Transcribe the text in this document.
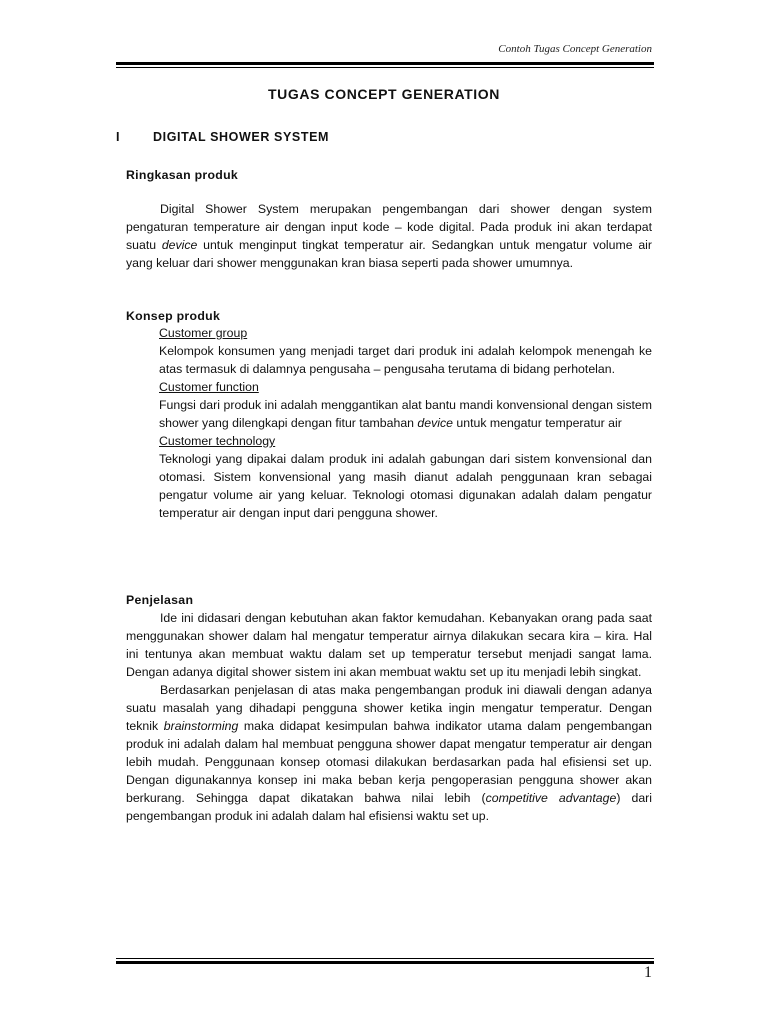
Contoh Tugas Concept Generation
TUGAS CONCEPT GENERATION
I	DIGITAL SHOWER SYSTEM
Ringkasan produk

Digital Shower System merupakan pengembangan dari shower dengan system pengaturan temperature air dengan input kode – kode digital. Pada produk ini akan terdapat suatu device untuk menginput tingkat temperatur air. Sedangkan untuk mengatur volume air yang keluar dari shower menggunakan kran biasa seperti pada shower umumnya.

Konsep produk
Customer group

Kelompok konsumen yang menjadi target dari produk ini adalah kelompok menengah ke atas termasuk di dalamnya pengusaha – pengusaha terutama di bidang perhotelan.

Customer function

Fungsi dari produk ini adalah menggantikan alat bantu mandi konvensional dengan sistem shower yang dilengkapi dengan fitur tambahan device untuk mengatur temperatur air

Customer technology

Teknologi yang dipakai dalam produk ini adalah gabungan dari sistem konvensional dan otomasi. Sistem konvensional yang masih dianut adalah penggunaan kran sebagai pengatur volume air yang keluar. Teknologi otomasi digunakan adalah dalam pengatur temperatur air dengan input dari pengguna shower.

Penjelasan

Ide ini didasari dengan kebutuhan akan faktor kemudahan. Kebanyakan orang pada saat menggunakan shower dalam hal mengatur temperatur airnya dilakukan secara kira – kira. Hal ini tentunya akan membuat waktu dalam set up temperatur tersebut menjadi sangat lama. Dengan adanya digital shower sistem ini akan membuat waktu set up itu menjadi lebih singkat.

Berdasarkan penjelasan di atas maka pengembangan produk ini diawali dengan adanya suatu masalah yang dihadapi pengguna shower ketika ingin mengatur temperatur. Dengan teknik brainstorming maka didapat kesimpulan bahwa indikator utama dalam pengembangan produk ini adalah dalam hal membuat pengguna shower dapat mengatur temperatur air dengan lebih mudah. Penggunaan konsep otomasi dilakukan berdasarkan pada hal efisiensi set up. Dengan digunakannya konsep ini maka beban kerja pengoperasian pengguna shower akan berkurang. Sehingga dapat dikatakan bahwa nilai lebih (competitive advantage) dari pengembangan produk ini adalah dalam hal efisiensi waktu set up.

1
